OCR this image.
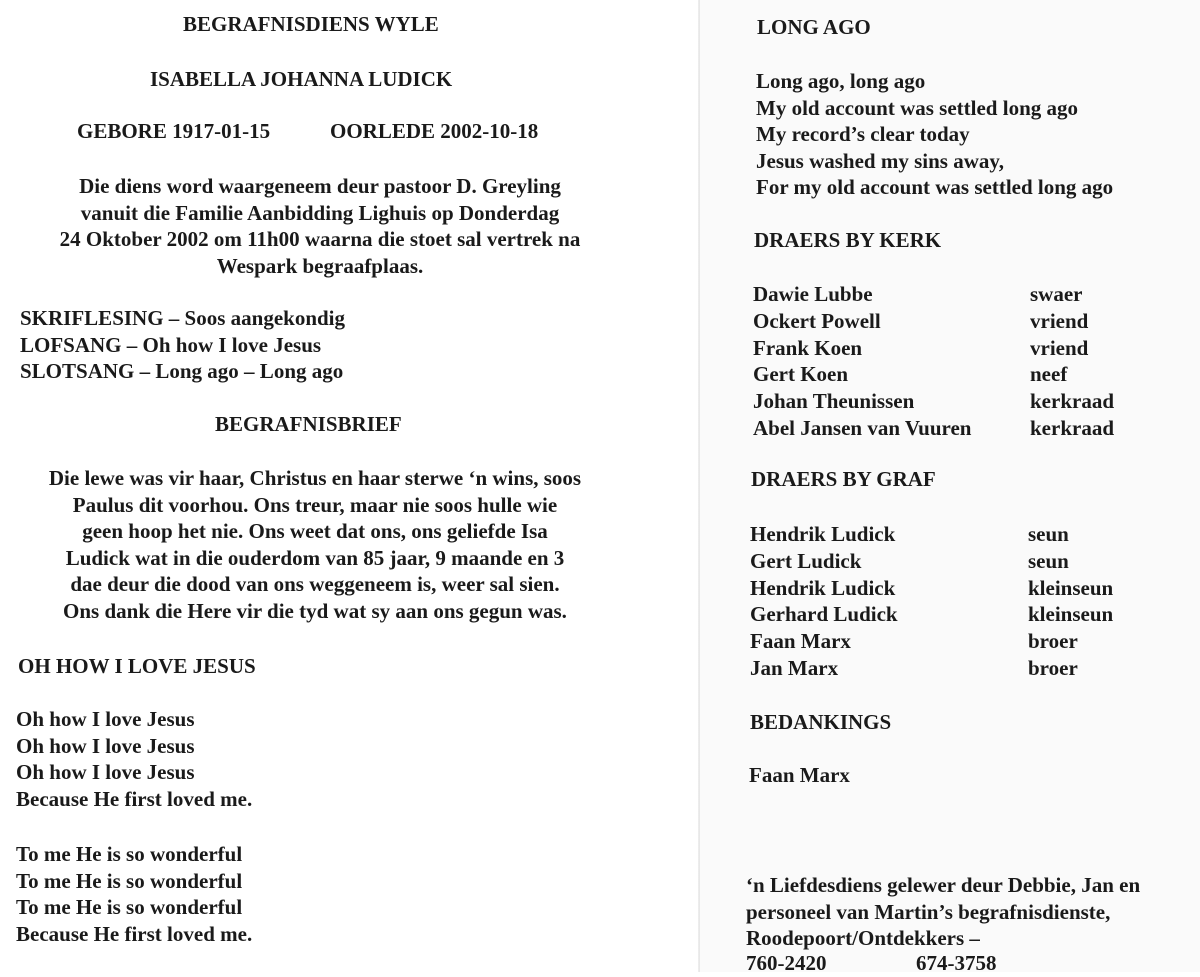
BEGRAFNISDIENS WYLE
ISABELLA JOHANNA LUDICK
GEBORE 1917-01-15	OORLEDE 2002-10-18
Die diens word waargeneem deur pastoor D. Greyling
vanuit die Familie Aanbidding Lighuis op Donderdag
24 Oktober 2002 om 11h00 waarna die stoet sal vertrek na
Wespark begraafplaas.
SKRIFLESING – Soos aangekondig
LOFSANG – Oh how I love Jesus
SLOTSANG – Long ago – Long ago
BEGRAFNISBRIEF
Die lewe was vir haar, Christus en haar sterwe ‘n wins, soos
Paulus dit voorhou. Ons treur, maar nie soos hulle wie
geen hoop het nie. Ons weet dat ons, ons geliefde Isa
Ludick wat in die ouderdom van 85 jaar, 9 maande en 3
dae deur die dood van ons weggeneem is, weer sal sien.
Ons dank die Here vir die tyd wat sy aan ons gegun was.
OH HOW I LOVE JESUS
Oh how I love Jesus
Oh how I love Jesus
Oh how I love Jesus
Because He first loved me.
To me He is so wonderful
To me He is so wonderful
To me He is so wonderful
Because He first loved me.
LONG AGO
Long ago, long ago
My old account was settled long ago
My record’s clear today
Jesus washed my sins away,
For my old account was settled long ago
DRAERS BY KERK
Dawie Lubbe	swaer
Ockert Powell	vriend
Frank Koen	vriend
Gert Koen	neef
Johan Theunissen	kerkraad
Abel Jansen van Vuuren	kerkraad
DRAERS BY GRAF
Hendrik Ludick	seun
Gert Ludick	seun
Hendrik Ludick	kleinseun
Gerhard Ludick	kleinseun
Faan Marx	broer
Jan Marx	broer
BEDANKINGS
Faan Marx
‘n Liefdesdiens gelewer deur Debbie, Jan en
personeel van Martin’s begrafnisdienste,
Roodepoort/Ontdekkers –
760-2420	674-3758
